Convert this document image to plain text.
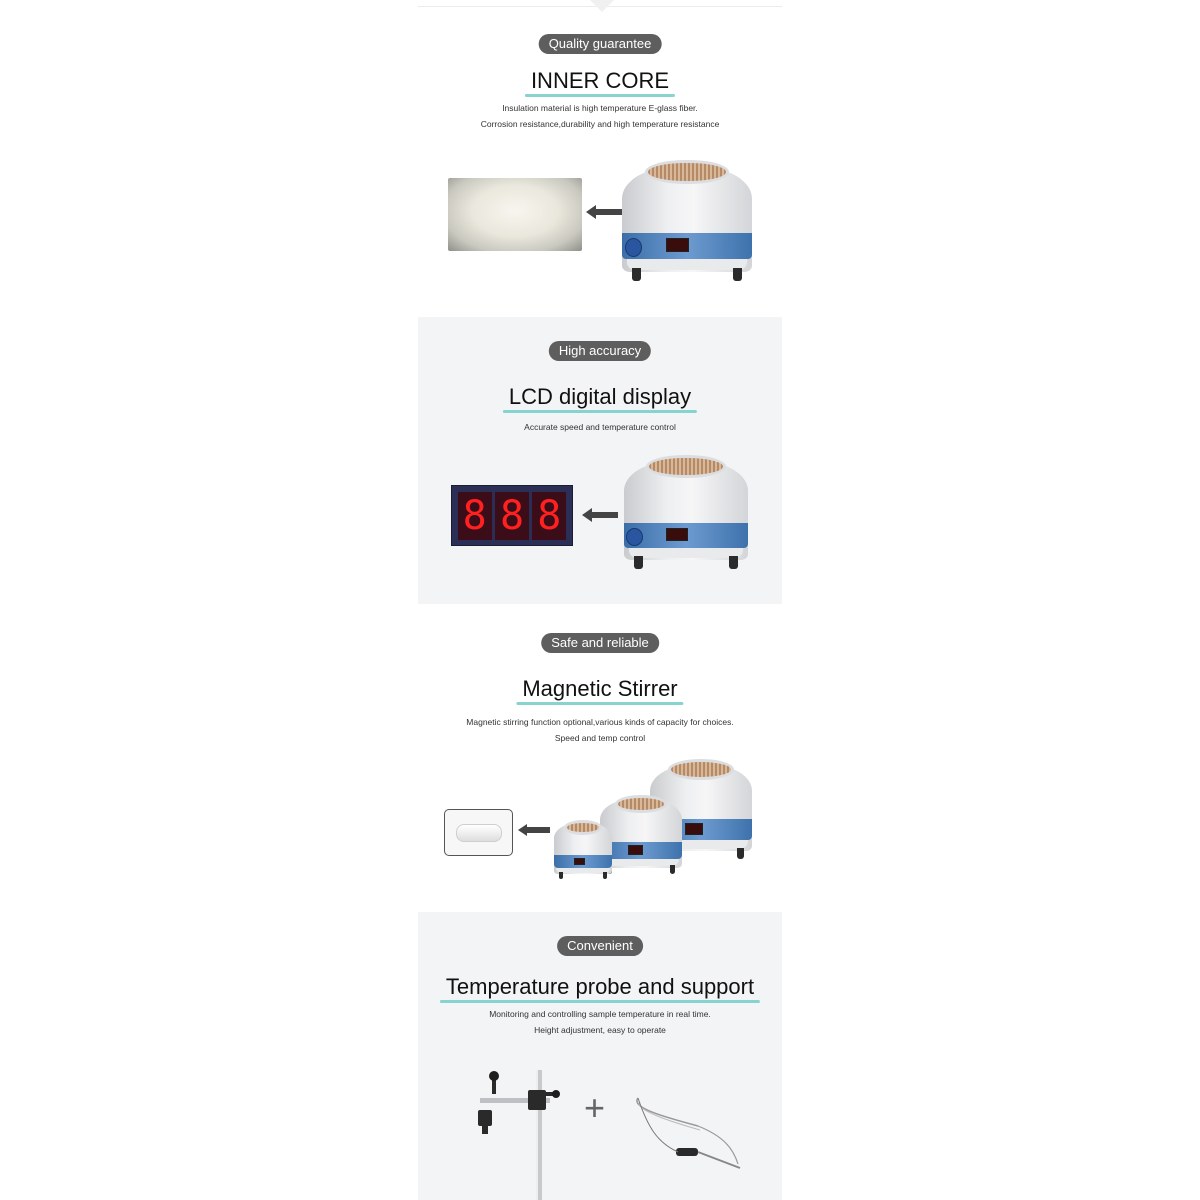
Quality guarantee
INNER CORE
Insulation material is high temperature E-glass fiber.
Corrosion resistance,durability and high temperature resistance
High accuracy
LCD digital display
Accurate speed and temperature control
8 8 8
Safe and reliable
Magnetic Stirrer
Magnetic stirring function optional,various kinds of capacity for choices.
Speed and temp control
Convenient
Temperature probe and support
Monitoring and controlling sample temperature in real time.
Height adjustment, easy to operate
+
